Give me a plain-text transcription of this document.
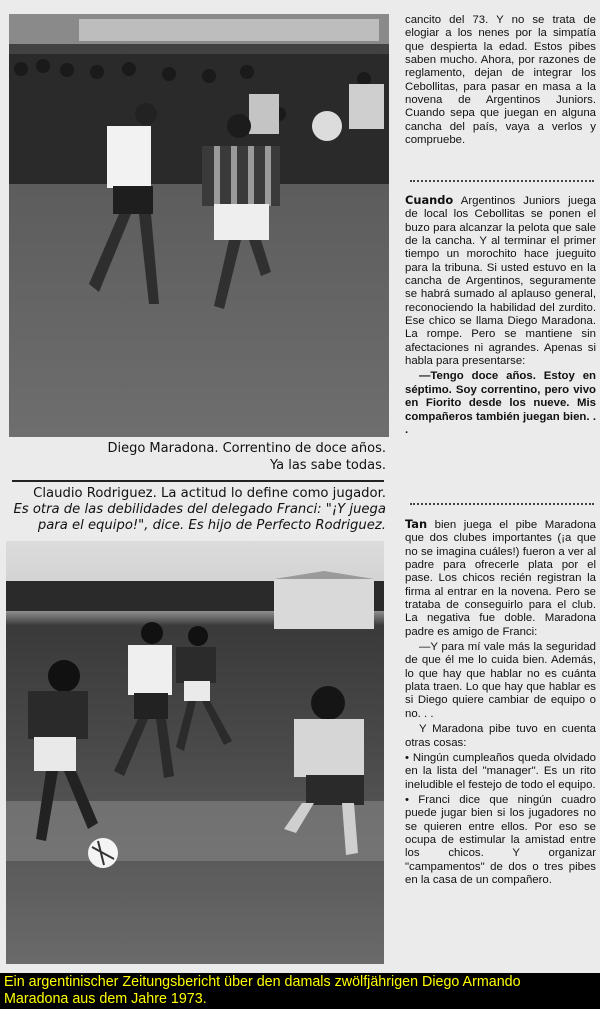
Diego Maradona. Correntino de doce años.
Ya las sabe todas.
Claudio Rodriguez. La actitud lo define como jugador.
Es otra de las debilidades del delegado Franci: "¡Y juega
para el equipo!", dice. Es hijo de Perfecto Rodriguez.

cancito del 73. Y no se trata de elogiar a los nenes por la simpatía que despierta la edad. Estos pibes saben mucho. Ahora, por razones de reglamento, dejan de integrar los Cebollitas, para pasar en masa a la novena de Argentinos Juniors. Cuando sepa que juegan en alguna cancha del país, vaya a verlos y compruebe.

Cuando Argentinos Juniors juega de local los Cebollitas se ponen el buzo para alcanzar la pelota que sale de la cancha. Y al terminar el primer tiempo un morochito hace jueguito para la tribuna. Si usted estuvo en la cancha de Argentinos, seguramente se habrá sumado al aplauso general, reconociendo la habilidad del zurdito. Ese chico se llama Diego Maradona. La rompe. Pero se mantiene sin afectaciones ni agrandes. Apenas si habla para presentarse:

—Tengo doce años. Estoy en séptimo. Soy correntino, pero vivo en Fiorito desde los nueve. Mis compañeros también juegan bien. . .

Tan bien juega el pibe Maradona que dos clubes importantes (¡a que no se imagina cuáles!) fueron a ver al padre para ofrecerle plata por el pase. Los chicos recién registran la firma al entrar en la novena. Pero se trataba de conseguirlo para el club. La negativa fue doble. Maradona padre es amigo de Franci:

—Y para mí vale más la seguridad de que él me lo cuida bien. Además, lo que hay que hablar no es cuánta plata traen. Lo que hay que hablar es si Diego quiere cambiar de equipo o no. . .

Y Maradona pibe tuvo en cuenta otras cosas:

• Ningún cumpleaños queda olvidado en la lista del "manager". Es un rito ineludible el festejo de todo el equipo.

• Franci dice que ningún cuadro puede jugar bien si los jugadores no se quieren entre ellos. Por eso se ocupa de estimular la amistad entre los chicos. Y organizar "campamentos" de dos o tres pibes en la casa de un compañero.

Ein argentinischer Zeitungsbericht über den damals zwölfjährigen Diego Armando
Maradona aus dem Jahre 1973.
